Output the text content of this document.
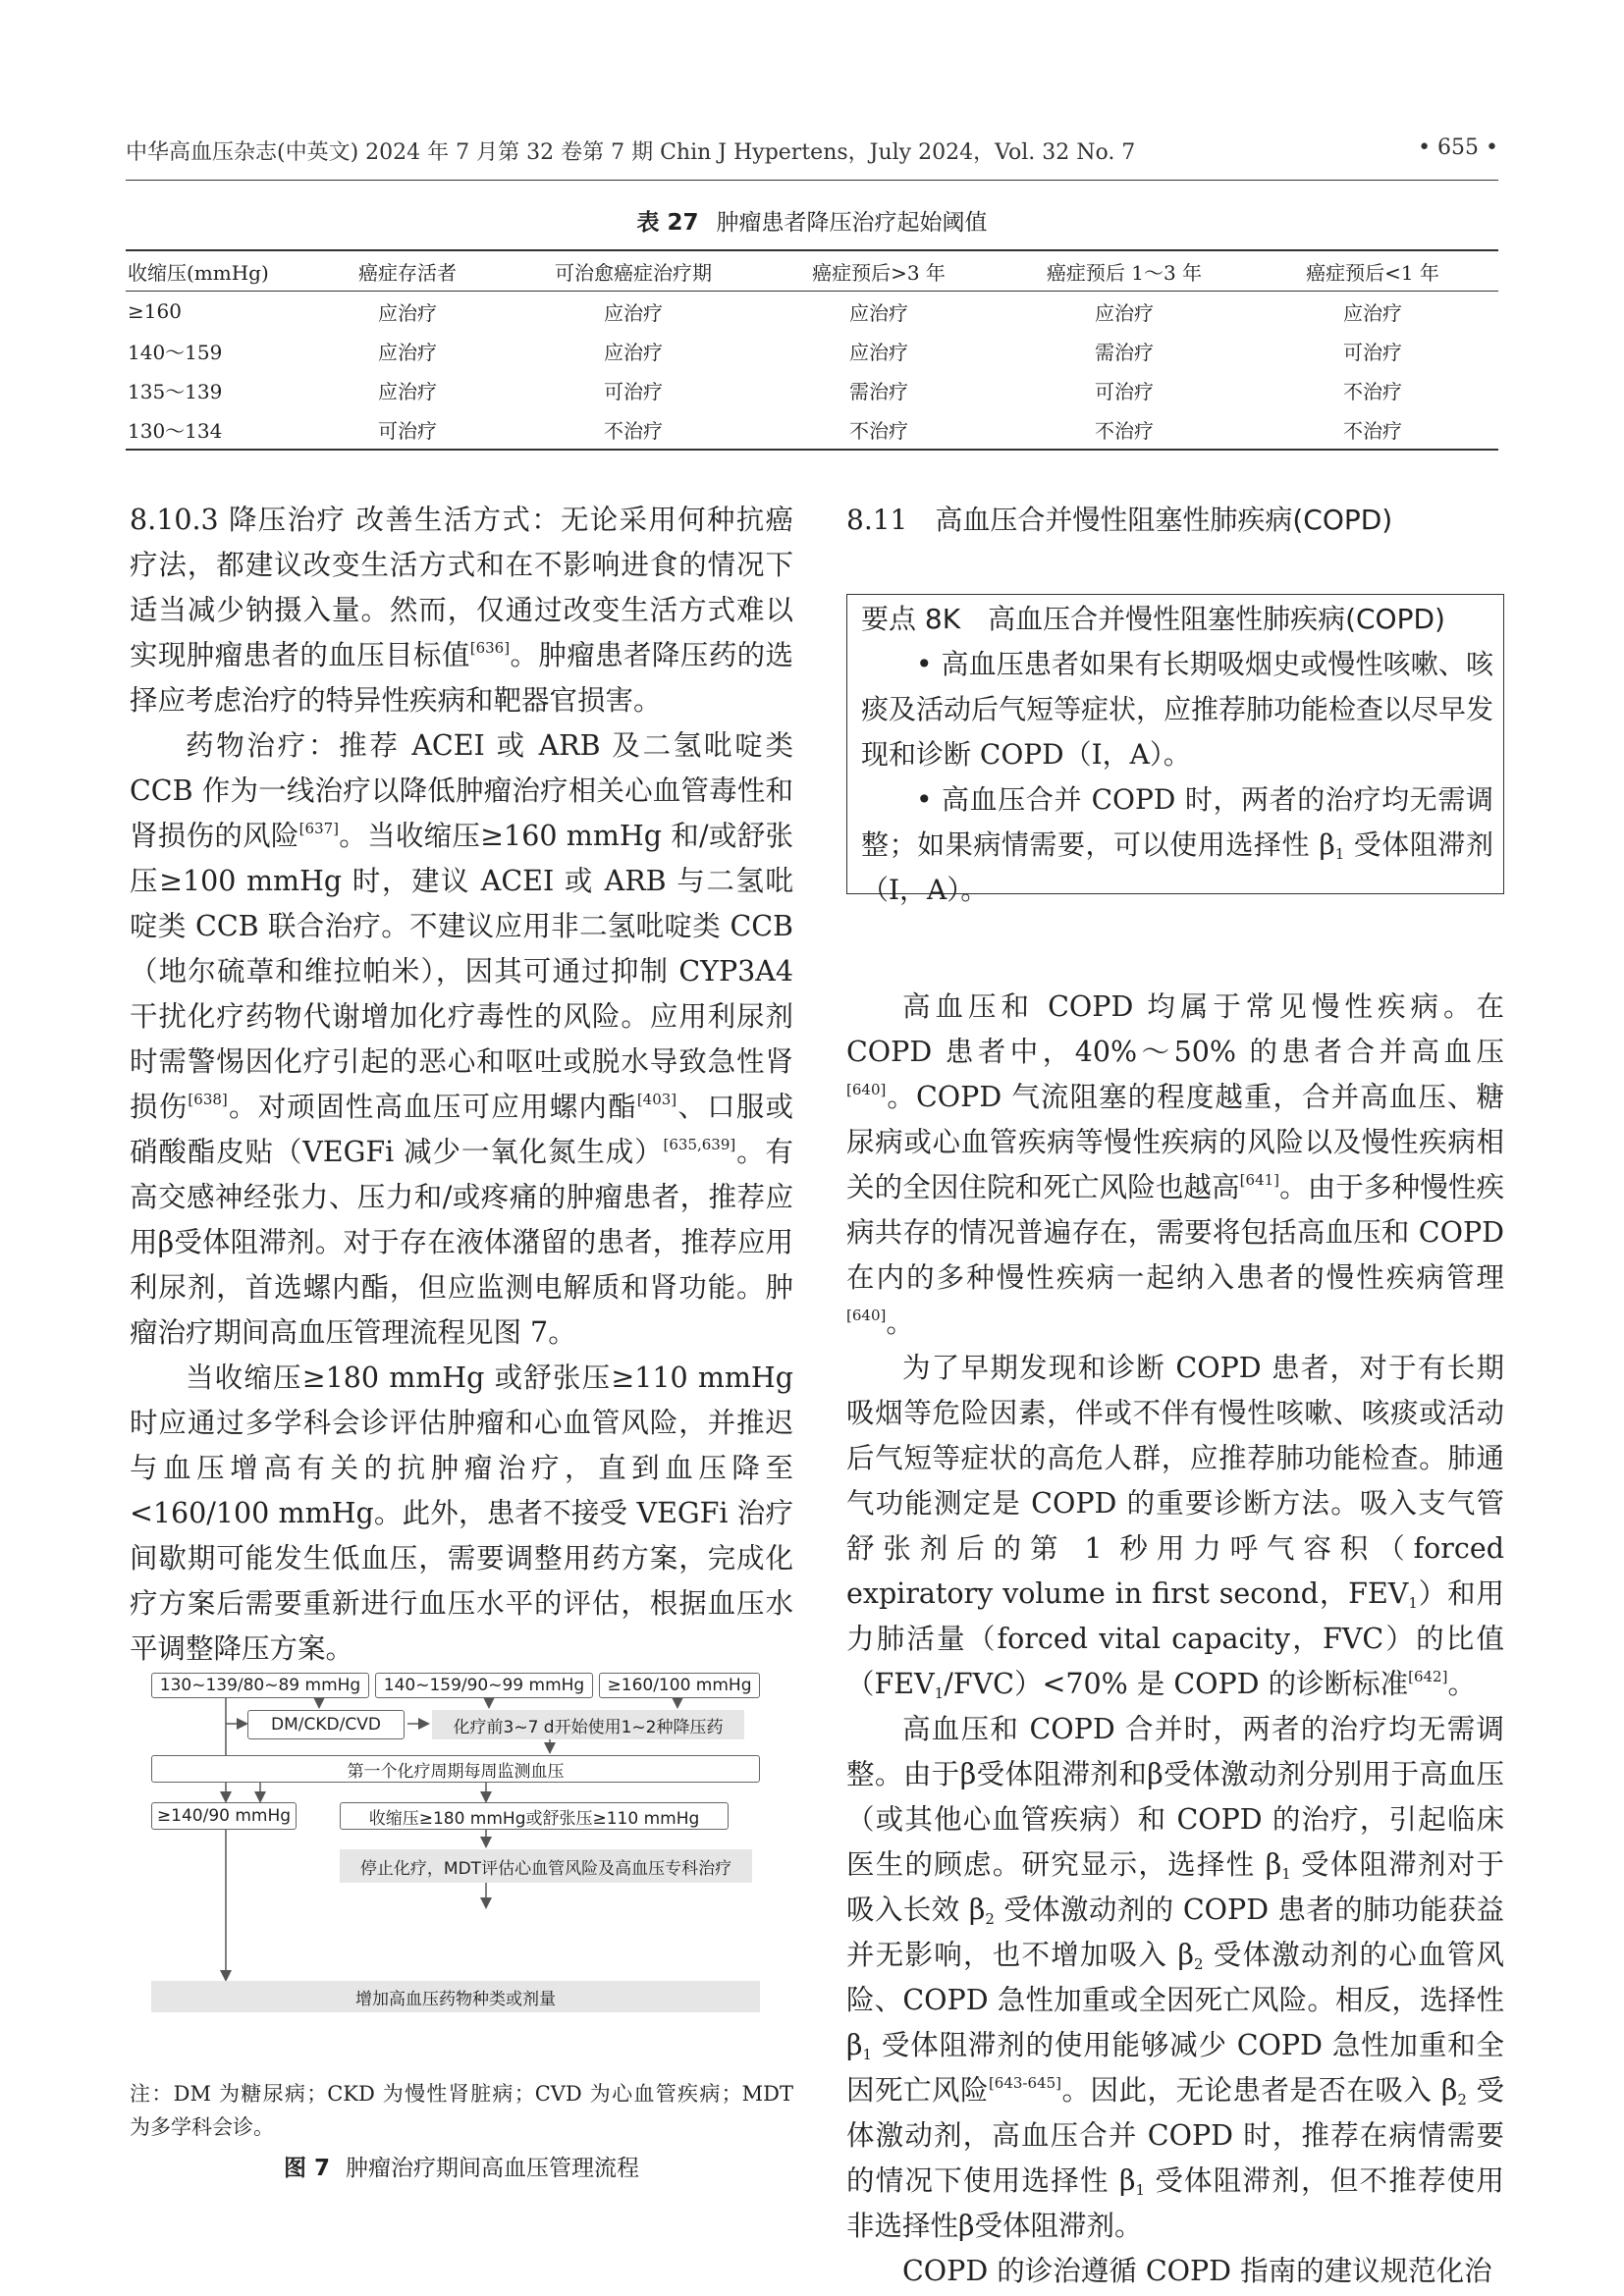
中华高血压杂志(中英文) 2024 年 7 月第 32 卷第 7 期 Chin J Hypertens，July 2024，Vol. 32 No. 7	• 655 •
表 27 肿瘤患者降压治疗起始阈值
收缩压(mmHg)	癌症存活者	可治愈癌症治疗期	癌症预后>3 年	癌症预后 1～3 年	癌症预后<1 年
≥160	应治疗	应治疗	应治疗	应治疗	应治疗
140～159	应治疗	应治疗	应治疗	需治疗	可治疗
135～139	应治疗	可治疗	需治疗	可治疗	不治疗
130～134	可治疗	不治疗	不治疗	不治疗	不治疗

8.10.3 降压治疗 改善生活方式：无论采用何种抗癌疗法，都建议改变生活方式和在不影响进食的情况下适当减少钠摄入量。然而，仅通过改变生活方式难以实现肿瘤患者的血压目标值[636]。肿瘤患者降压药的选择应考虑治疗的特异性疾病和靶器官损害。

药物治疗：推荐 ACEI 或 ARB 及二氢吡啶类 CCB 作为一线治疗以降低肿瘤治疗相关心血管毒性和肾损伤的风险[637]。当收缩压≥160 mmHg 和/或舒张压≥100 mmHg 时，建议 ACEI 或 ARB 与二氢吡啶类 CCB 联合治疗。不建议应用非二氢吡啶类 CCB（地尔硫䓬和维拉帕米），因其可通过抑制 CYP3A4 干扰化疗药物代谢增加化疗毒性的风险。应用利尿剂时需警惕因化疗引起的恶心和呕吐或脱水导致急性肾损伤[638]。对顽固性高血压可应用螺内酯[403]、口服或硝酸酯皮贴（VEGFi 减少一氧化氮生成）[635,639]。有高交感神经张力、压力和/或疼痛的肿瘤患者，推荐应用β受体阻滞剂。对于存在液体潴留的患者，推荐应用利尿剂，首选螺内酯，但应监测电解质和肾功能。肿瘤治疗期间高血压管理流程见图 7。

当收缩压≥180 mmHg 或舒张压≥110 mmHg 时应通过多学科会诊评估肿瘤和心血管风险，并推迟与血压增高有关的抗肿瘤治疗，直到血压降至<160/100 mmHg。此外，患者不接受 VEGFi 治疗间歇期可能发生低血压，需要调整用药方案，完成化疗方案后需要重新进行血压水平的评估，根据血压水平调整降压方案。

130~139/80~89 mmHg	140~159/90~99 mmHg	≥160/100 mmHg
DM/CKD/CVD	化疗前3~7 d开始使用1~2种降压药
第一个化疗周期每周监测血压
≥140/90 mmHg	收缩压≥180 mmHg或舒张压≥110 mmHg
停止化疗，MDT评估心血管风险及高血压专科治疗
增加高血压药物种类或剂量
注：DM 为糖尿病；CKD 为慢性肾脏病；CVD 为心血管疾病；MDT 为多学科会诊。
图 7 肿瘤治疗期间高血压管理流程
8.11 高血压合并慢性阻塞性肺疾病(COPD)

要点 8K 高血压合并慢性阻塞性肺疾病(COPD)

• 高血压患者如果有长期吸烟史或慢性咳嗽、咳痰及活动后气短等症状，应推荐肺功能检查以尽早发现和诊断 COPD（Ⅰ，A）。

• 高血压合并 COPD 时，两者的治疗均无需调整；如果病情需要，可以使用选择性 $\beta_1$ 受体阻滞剂（Ⅰ，A）。

高血压和 COPD 均属于常见慢性疾病。在 COPD 患者中，40%～50% 的患者合并高血压[640]。COPD 气流阻塞的程度越重，合并高血压、糖尿病或心血管疾病等慢性疾病的风险以及慢性疾病相关的全因住院和死亡风险也越高[641]。由于多种慢性疾病共存的情况普遍存在，需要将包括高血压和 COPD 在内的多种慢性疾病一起纳入患者的慢性疾病管理[640]。

为了早期发现和诊断 COPD 患者，对于有长期吸烟等危险因素，伴或不伴有慢性咳嗽、咳痰或活动后气短等症状的高危人群，应推荐肺功能检查。肺通气功能测定是 COPD 的重要诊断方法。吸入支气管舒张剂后的第 1 秒用力呼气容积（forced expiratory volume in first second，$FEV_1$）和用力肺活量（forced vital capacity，FVC）的比值$(FEV_1/FVC)<70\%$ 是 COPD 的诊断标准[642]。

高血压和 COPD 合并时，两者的治疗均无需调整。由于β受体阻滞剂和β受体激动剂分别用于高血压（或其他心血管疾病）和 COPD 的治疗，引起临床医生的顾虑。研究显示，选择性 $\beta_1$ 受体阻滞剂对于吸入长效 $\beta_2$ 受体激动剂的 COPD 患者的肺功能获益并无影响，也不增加吸入 $\beta_2$ 受体激动剂的心血管风险、COPD 急性加重或全因死亡风险。相反，选择性 $\beta_1$ 受体阻滞剂的使用能够减少 COPD 急性加重和全因死亡风险[643-645]。因此，无论患者是否在吸入 $\beta_2$ 受体激动剂，高血压合并 COPD 时，推荐在病情需要的情况下使用选择性 $\beta_1$ 受体阻滞剂，但不推荐使用非选择性β受体阻滞剂。

COPD 的诊治遵循 COPD 指南的建议规范化治
